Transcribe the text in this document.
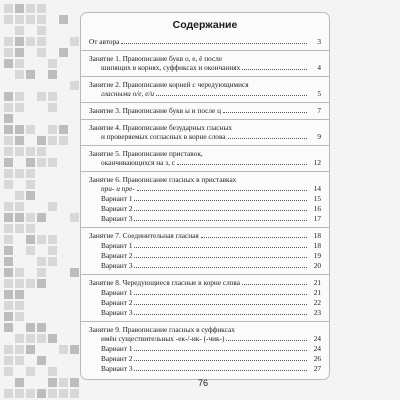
Содержание
От автора	3
Занятие 1. Правописание букв о, е, ё после
шипящих в корнях, суффиксах и окончаниях	4
Занятие 2. Правописание корней с чередующимися
гласными о/е, е/и	5
Занятие 3. Правописание букв ы и после ц	7
Занятие 4. Правописание безударных гласных
и проверяемых согласных в корне слова	9
Занятие 5. Правописание приставок,
оканчивающихся на з, с	12
Занятие 6. Правописание гласных в приставках
при- и пре-	14
Вариант 1	15
Вариант 2	16
Вариант 3	17
Занятие 7. Соединительная гласная	18
Вариант 1	18
Вариант 2	19
Вариант 3	20
Занятие 8. Чередующиеся гласные в корне слова	21
Вариант 1	21
Вариант 2	22
Вариант 3	23
Занятие 9. Правописание гласных в суффиксах
имён существительных -ек-/-ик- (-чик-)	24
Вариант 1	24
Вариант 2	26
Вариант 3	27
76
